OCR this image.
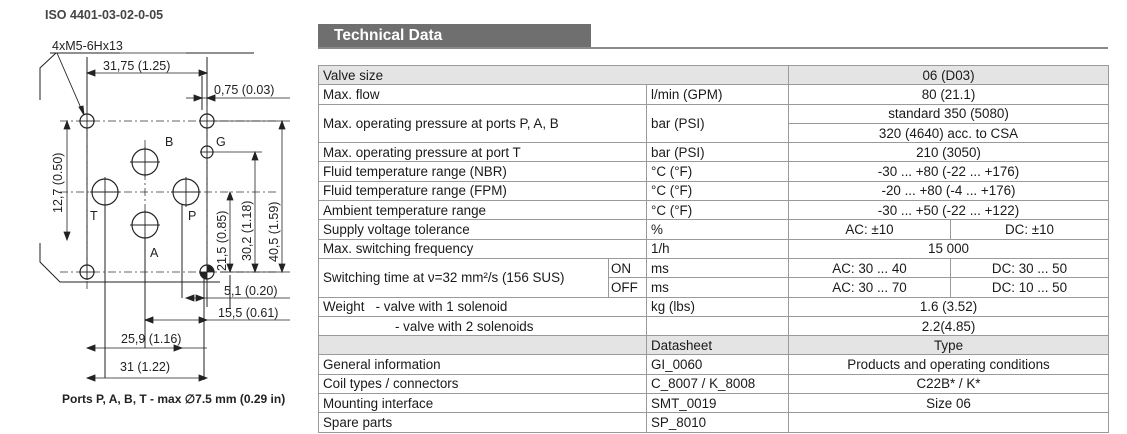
ISO 4401-03-02-0-05
4xM5-6Hx13
31,75 (1.25)
0,75 (0.03)
B	G
T	P
A
5,1 (0.20)
15,5 (0.61)
25,9 (1.16)
31 (1.22)
12,7 (0.50)
21,5 (0.85) 30,2 (1.18) 40,5 (1.59)
Ports P, A, B, T - max ∅7.5 mm (0.29 in)
Technical Data
Valve size			06 (D03)	
Max. flow		l/min (GPM)	80 (21.1)	
Max. operating pressure at ports P, A, B		bar (PSI)	standard 350 (5080)	
			320 (4640) acc. to CSA	
Max. operating pressure at port T		bar (PSI)	210 (3050)	
Fluid temperature range (NBR)		°C (°F)	-30 ... +80 (-22 ... +176)	
Fluid temperature range (FPM)		°C (°F)	-20 ... +80 (-4 ... +176)	
Ambient temperature range		°C (°F)	-30 ... +50 (-22 ... +122)	
Supply voltage tolerance		%	AC: ±10	DC: ±10
Max. switching frequency		1/h	15 000	
Switching time at ν=32 mm²/s (156 SUS)	ON	ms	AC: 30 ... 40	DC: 30 ... 50
	OFF	ms	AC: 30 ... 70	DC: 10 ... 50
Weight   - valve with 1 solenoid		kg (lbs)	1.6 (3.52)	
- valve with 2 solenoids			2.2(4.85)	
		Datasheet	Type	
General information		GI_0060	Products and operating conditions	
Coil types / connectors		C_8007 / K_8008	C22B* / K*	
Mounting interface		SMT_0019	Size 06	
Spare parts		SP_8010		
